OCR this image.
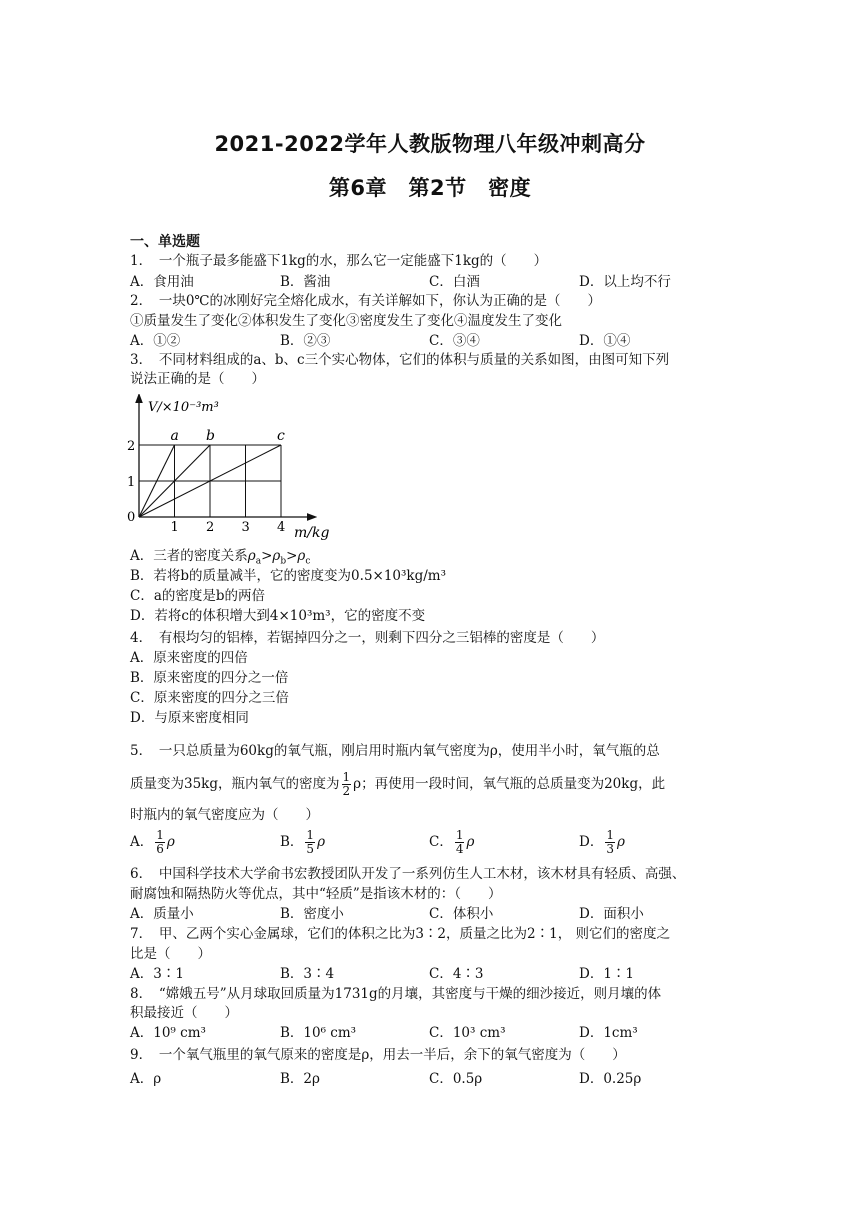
2021-2022学年人教版物理八年级冲刺高分
第6章　第2节　密度
一、单选题
1．　一个瓶子最多能盛下1kg的水，那么它一定能盛下1kg的（　　）
A．食用油	B．酱油	C．白酒	D．以上均不行
2．　一块0℃的冰刚好完全熔化成水，有关详解如下，你认为正确的是（　　）
①质量发生了变化②体积发生了变化③密度发生了变化④温度发生了变化
A．①②	B．②③	C．③④	D．①④
3．　不同材料组成的a、b、c三个实心物体，它们的体积与质量的关系如图，由图可知下列
说法正确的是（　　）
a b	c
1 2 3 4
1
2
V/×10⁻³m³
m/kg
0
A．三者的密度关系$\rho_a>\rho_b>\rho_c$
B．若将b的质量减半，它的密度变为0.5×10³kg/m³
C．a的密度是b的两倍
D．若将c的体积增大到4×10³m³，它的密度不变
4．　有根均匀的铝棒，若锯掉四分之一，则剩下四分之三铝棒的密度是（　　）
A．原来密度的四倍
B．原来密度的四分之一倍
C．原来密度的四分之三倍
D．与原来密度相同
5．　一只总质量为60kg的氧气瓶，刚启用时瓶内氧气密度为ρ，使用半小时，氧气瓶的总
质量变为35kg，瓶内氧气的密度为 $\frac{1}{2}$ ρ；再使用一段时间，氧气瓶的总质量变为20kg，此
时瓶内的氧气密度应为（　　）
A． $\frac{1}{6}$ ρ	B． $\frac{1}{5}$ ρ	C． $\frac{1}{4}$ ρ	D． $\frac{1}{3}$ ρ
6．　中国科学技术大学俞书宏教授团队开发了一系列仿生人工木材，该木材具有轻质、高强、
耐腐蚀和隔热防火等优点，其中“轻质”是指该木材的：（　　）
A．质量小	B．密度小	C．体积小	D．面积小
7．　甲、乙两个实心金属球，它们的体积之比为3∶2，质量之比为2∶1， 则它们的密度之
比是（　　）
A．3∶1	B．3∶4	C．4∶3	D．1∶1
8．　“嫦娥五号”从月球取回质量为1731g的月壤，其密度与干燥的细沙接近，则月壤的体
积最接近（　　）
A．10⁹ cm³	B．10⁶ cm³	C．10³ cm³	D．1cm³
9．　一个氧气瓶里的氧气原来的密度是ρ，用去一半后，余下的氧气密度为（　　）
A．ρ	B．2ρ	C．0.5ρ	D．0.25ρ
